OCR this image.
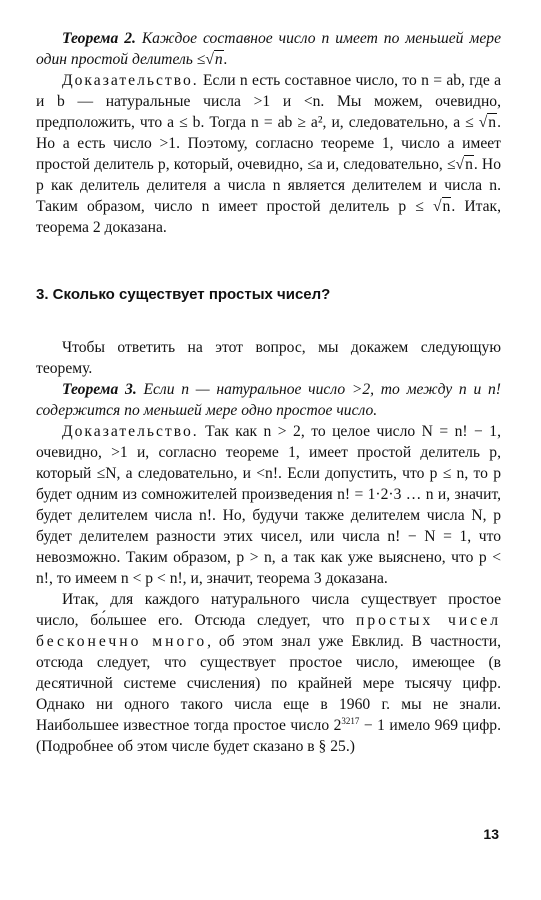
Теорема 2. Каждое составное число n имеет по меньшей мере один простой делитель ≤√n.

Доказательство. Если n есть составное число, то n = ab, где a и b — натуральные числа >1 и <n. Мы можем, очевидно, предположить, что a ≤ b. Тогда n = ab ≥ a², и, следовательно, a ≤ √n. Но a есть число >1. Поэтому, согласно теореме 1, число a имеет простой делитель p, который, очевидно, ≤a и, следовательно, ≤√n. Но p как делитель делителя a числа n является делителем и числа n. Таким образом, число n имеет простой делитель p ≤ √n. Итак, теорема 2 доказана.

3. Сколько существует простых чисел?

Чтобы ответить на этот вопрос, мы докажем следующую теорему.

Теорема 3. Если n — натуральное число >2, то между n и n! содержится по меньшей мере одно простое число.

Доказательство. Так как n > 2, то целое число N = n! − 1, очевидно, >1 и, согласно теореме 1, имеет простой делитель p, который ≤N, а следовательно, и <n!. Если допустить, что p ≤ n, то p будет одним из сомножителей произведения n! = 1·2·3 … n и, значит, будет делителем числа n!. Но, будучи также делителем числа N, p будет делителем разности этих чисел, или числа n! − N = 1, что невозможно. Таким образом, p > n, а так как уже выяснено, что p < n!, то имеем n < p < n!, и, значит, теорема 3 доказана.

Итак, для каждого натурального числа существует простое число, бо́льшее его. Отсюда следует, что простых чисел бесконечно много, об этом знал уже Евклид. В частности, отсюда следует, что существует простое число, имеющее (в десятичной системе счисления) по крайней мере тысячу цифр. Однако ни одного такого числа еще в 1960 г. мы не знали. Наибольшее известное тогда простое число $2^{3217} - 1$ имело 969 цифр. (Подробнее об этом числе будет сказано в § 25.)

13
